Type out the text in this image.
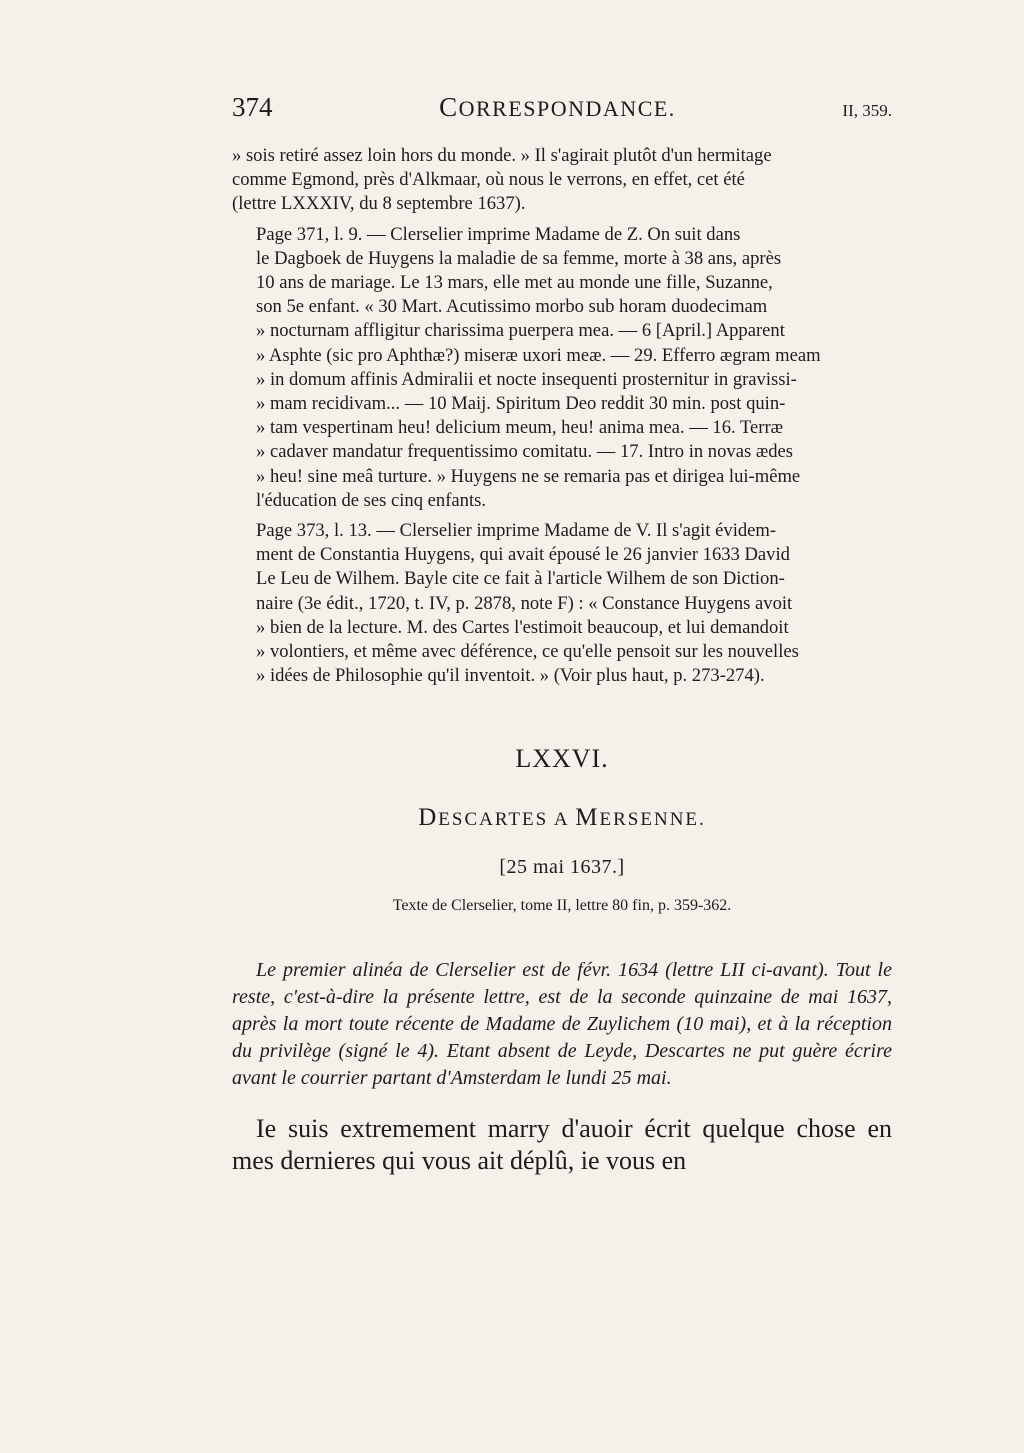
374	CORRESPONDANCE.	II, 359.

» sois retiré assez loin hors du monde. » Il s'agirait plutôt d'un hermitage
comme Egmond, près d'Alkmaar, où nous le verrons, en effet, cet été
(lettre LXXXIV, du 8 septembre 1637).

Page 371, l. 9. — Clerselier imprime Madame de Z. On suit dans
le Dagboek de Huygens la maladie de sa femme, morte à 38 ans, après
10 ans de mariage. Le 13 mars, elle met au monde une fille, Suzanne,
son 5e enfant. « 30 Mart. Acutissimo morbo sub horam duodecimam
» nocturnam affligitur charissima puerpera mea. — 6 [April.] Apparent
» Asphte (sic pro Aphthæ?) miseræ uxori meæ. — 29. Efferro ægram meam
» in domum affinis Admiralii et nocte insequenti prosternitur in gravissi-
» mam recidivam... — 10 Maij. Spiritum Deo reddit 30 min. post quin-
» tam vespertinam heu! delicium meum, heu! anima mea. — 16. Terræ
» cadaver mandatur frequentissimo comitatu. — 17. Intro in novas ædes
» heu! sine meâ turture. » Huygens ne se remaria pas et dirigea lui-même
l'éducation de ses cinq enfants.

Page 373, l. 13. — Clerselier imprime Madame de V. Il s'agit évidem-
ment de Constantia Huygens, qui avait épousé le 26 janvier 1633 David
Le Leu de Wilhem. Bayle cite ce fait à l'article Wilhem de son Diction-
naire (3e édit., 1720, t. IV, p. 2878, note F) : « Constance Huygens avoit
» bien de la lecture. M. des Cartes l'estimoit beaucoup, et lui demandoit
» volontiers, et même avec déférence, ce qu'elle pensoit sur les nouvelles
» idées de Philosophie qu'il inventoit. » (Voir plus haut, p. 273-274).

LXXVI.
DESCARTES A MERSENNE.
[25 mai 1637.]
Texte de Clerselier, tome II, lettre 80 fin, p. 359-362.
Le premier alinéa de Clerselier est de févr. 1634 (lettre LII ci-avant). Tout le reste, c'est-à-dire la présente lettre, est de la seconde quinzaine de mai 1637, après la mort toute récente de Madame de Zuylichem (10 mai), et à la réception du privilège (signé le 4). Etant absent de Leyde, Descartes ne put guère écrire avant le courrier partant d'Amsterdam le lundi 25 mai.
Ie suis extremement marry d'auoir écrit quelque chose en mes dernieres qui vous ait déplû, ie vous en
